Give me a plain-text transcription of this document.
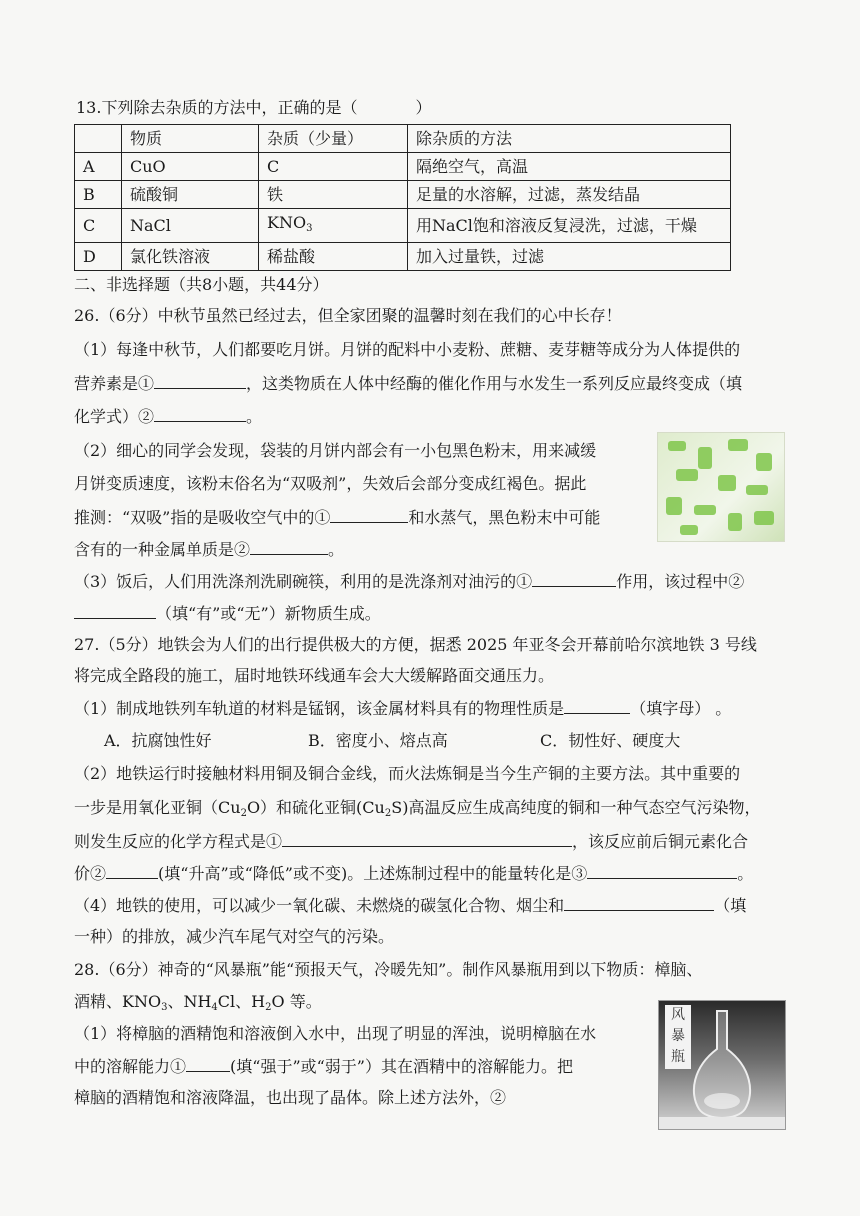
13.下列除去杂质的方法中，正确的是（	）
	物质	杂质（少量）	除杂质的方法
A	CuO	C	隔绝空气，高温
B	硫酸铜	铁	足量的水溶解，过滤，蒸发结晶
C	NaCl	$KNO_3$	用NaCl饱和溶液反复浸洗，过滤，干燥
D	氯化铁溶液	稀盐酸	加入过量铁，过滤
二、非选择题（共8小题，共44分）
26.（6分）中秋节虽然已经过去，但全家团聚的温馨时刻在我们的心中长存！
（1）每逢中秋节，人们都要吃月饼。月饼的配料中小麦粉、蔗糖、麦芽糖等成分为人体提供的
营养素是①	，这类物质在人体中经酶的催化作用与水发生一系列反应最终变成（填
化学式）②	。
（2）细心的同学会发现，袋装的月饼内部会有一小包黑色粉末，用来减缓
月饼变质速度，该粉末俗名为“双吸剂”，失效后会部分变成红褐色。据此
推测：“双吸”指的是吸收空气中的①	和水蒸气，黑色粉末中可能
含有的一种金属单质是②	。
（3）饭后，人们用洗涤剂洗刷碗筷，利用的是洗涤剂对油污的①	作用，该过程中②
（填“有”或“无”）新物质生成。
27.（5分）地铁会为人们的出行提供极大的方便，据悉 2025 年亚冬会开幕前哈尔滨地铁 3 号线
将完成全路段的施工，届时地铁环线通车会大大缓解路面交通压力。
（1）制成地铁列车轨道的材料是锰钢，该金属材料具有的物理性质是	（填字母） 。
A．抗腐蚀性好	B．密度小、熔点高	C．韧性好、硬度大
（2）地铁运行时接触材料用铜及铜合金线，而火法炼铜是当今生产铜的主要方法。其中重要的
一步是用氧化亚铜$(Cu_2O)$和硫化亚铜$(Cu_2S)$高温反应生成高纯度的铜和一种气态空气污染物，
则发生反应的化学方程式是①	，该反应前后铜元素化合
价②	(填“升高”或“降低”或不变)。上述炼制过程中的能量转化是③	。
（4）地铁的使用，可以减少一氧化碳、未燃烧的碳氢化合物、烟尘和	（填
一种）的排放，减少汽车尾气对空气的污染。
28.（6分）神奇的“风暴瓶”能“预报天气，冷暖先知”。制作风暴瓶用到以下物质：樟脑、
酒精、$KNO_3$、$NH_4Cl$、$H_2O$ 等。
（1）将樟脑的酒精饱和溶液倒入水中，出现了明显的浑浊，说明樟脑在水
中的溶解能力①	(填“强于”或“弱于”）其在酒精中的溶解能力。把
樟脑的酒精饱和溶液降温，也出现了晶体。除上述方法外，②
风暴瓶
